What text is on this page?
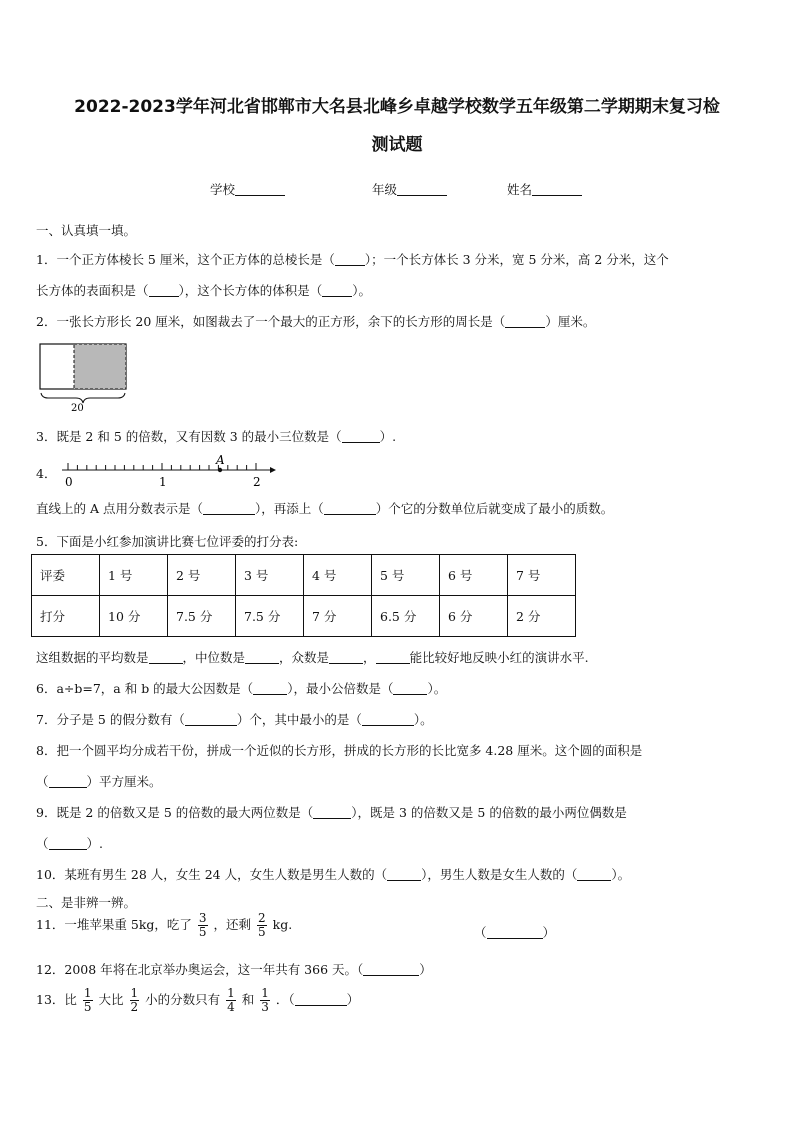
2022-2023学年河北省邯郸市大名县北峰乡卓越学校数学五年级第二学期期末复习检
测试题
学校	年级	姓名
一、认真填一填。
1．一个正方体棱长 5 厘米，这个正方体的总棱长是（ ）；一个长方体长 3 分米，宽 5 分米，高 2 分米，这个
长方体的表面积是（ ），这个长方体的体积是（ ）。
2．一张长方形长 20 厘米，如图裁去了一个最大的正方形，余下的长方形的周长是（	）厘米。
20
3．既是 2 和 5 的倍数，又有因数 3 的最小三位数是（	）.
4．
A
0	1	2
直线上的 A 点用分数表示是（	），再添上（	）个它的分数单位后就变成了最小的质数。
5．下面是小红参加演讲比赛七位评委的打分表:
评委	1 号	2 号	3 号	4 号	5 号	6 号	7 号
打分	10 分	7.5 分	7.5 分	7 分	6.5 分	6 分	2 分
这组数据的平均数是	，中位数是	，众数是	，	能比较好地反映小红的演讲水平.
6．a÷b=7，a 和 b 的最大公因数是（	），最小公倍数是（	）。
7．分子是 5 的假分数有（	）个，其中最小的是（	）。
8．把一个圆平均分成若干份，拼成一个近似的长方形，拼成的长方形的长比宽多 4.28 厘米。这个圆的面积是
（	）平方厘米。
9．既是 2 的倍数又是 5 的倍数的最大两位数是（	），既是 3 的倍数又是 5 的倍数的最小两位偶数是
（	）.
10．某班有男生 28 人，女生 24 人，女生人数是男生人数的（	），男生人数是女生人数的（	）。
二、是非辨一辨。
11．一堆苹果重 5kg，吃了 $\frac{3}{5}$ ，还剩 $\frac{2}{5}$ kg.
（	）
12．2008 年将在北京举办奥运会，这一年共有 366 天。（	）
13．比 $\frac{1}{5}$ 大比 $\frac{1}{2}$ 小的分数只有 $\frac{1}{4}$ 和 $\frac{1}{3}$ ．（	）
